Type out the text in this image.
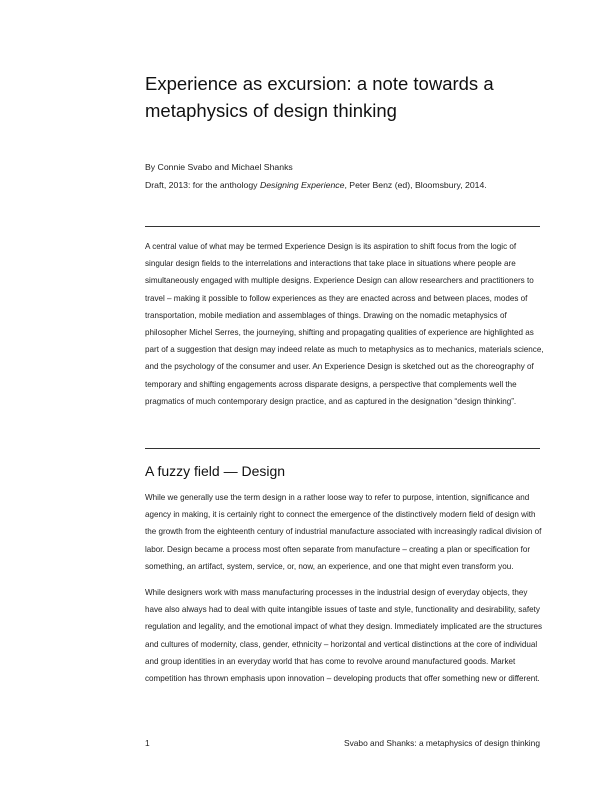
Experience as excursion: a note towards a metaphysics of design thinking

By Connie Svabo and Michael Shanks

Draft, 2013: for the anthology Designing Experience, Peter Benz (ed), Bloomsbury, 2014.

A central value of what may be termed Experience Design is its aspiration to shift focus from the logic of singular design fields to the interrelations and interactions that take place in situations where people are simultaneously engaged with multiple designs. Experience Design can allow researchers and practitioners to travel – making it possible to follow experiences as they are enacted across and between places, modes of transportation, mobile mediation and assemblages of things. Drawing on the nomadic metaphysics of philosopher Michel Serres, the journeying, shifting and propagating qualities of experience are highlighted as part of a suggestion that design may indeed relate as much to metaphysics as to mechanics, materials science, and the psychology of the consumer and user. An Experience Design is sketched out as the choreography of temporary and shifting engagements across disparate designs, a perspective that complements well the pragmatics of much contemporary design practice, and as captured in the designation “design thinking”.

A fuzzy field — Design

While we generally use the term design in a rather loose way to refer to purpose, intention, significance and agency in making, it is certainly right to connect the emergence of the distinctively modern field of design with the growth from the eighteenth century of industrial manufacture associated with increasingly radical division of labor. Design became a process most often separate from manufacture – creating a plan or specification for something, an artifact, system, service, or, now, an experience, and one that might even transform you.

While designers work with mass manufacturing processes in the industrial design of everyday objects, they have also always had to deal with quite intangible issues of taste and style, functionality and desirability, safety regulation and legality, and the emotional impact of what they design. Immediately implicated are the structures and cultures of modernity, class, gender, ethnicity – horizontal and vertical distinctions at the core of individual and group identities in an everyday world that has come to revolve around manufactured goods. Market competition has thrown emphasis upon innovation – developing products that offer something new or different.

1	Svabo and Shanks: a metaphysics of design thinking
